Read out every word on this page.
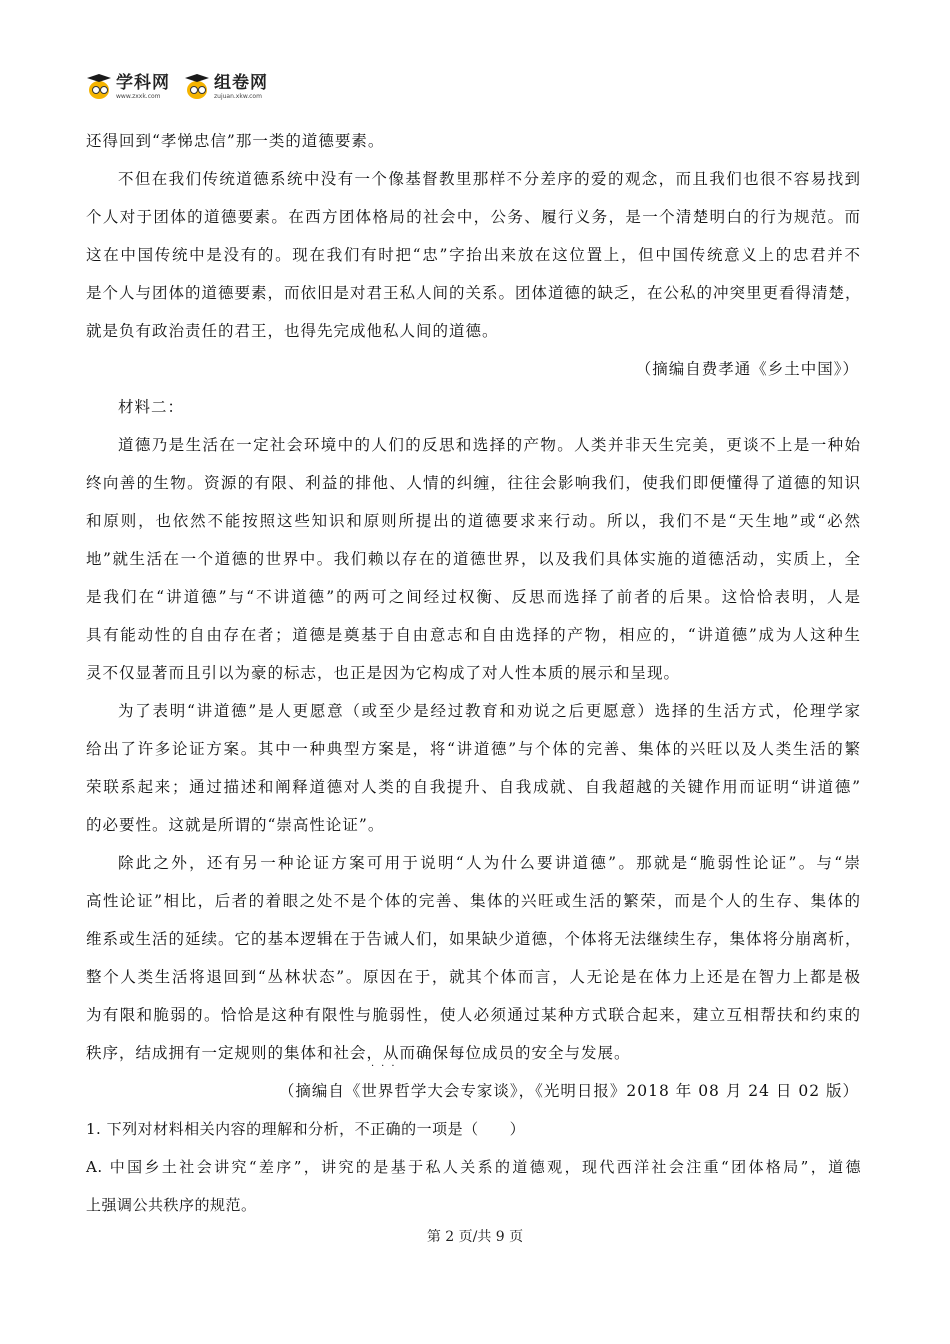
学科网
www.zxxk.com
组卷网
zujuan.xkw.com
还得回到“孝悌忠信”那一类的道德要素。
不但在我们传统道德系统中没有一个像基督教里那样不分差序的爱的观念，而且我们也很不容易找到
个人对于团体的道德要素。在西方团体格局的社会中，公务、履行义务，是一个清楚明白的行为规范。而
这在中国传统中是没有的。现在我们有时把“忠”字抬出来放在这位置上，但中国传统意义上的忠君并不
是个人与团体的道德要素，而依旧是对君王私人间的关系。团体道德的缺乏，在公私的冲突里更看得清楚，
就是负有政治责任的君王，也得先完成他私人间的道德。
（摘编自费孝通《乡土中国》）
材料二：
道德乃是生活在一定社会环境中的人们的反思和选择的产物。人类并非天生完美，更谈不上是一种始
终向善的生物。资源的有限、利益的排他、人情的纠缠，往往会影响我们，使我们即便懂得了道德的知识
和原则，也依然不能按照这些知识和原则所提出的道德要求来行动。所以，我们不是“天生地”或“必然
地”就生活在一个道德的世界中。我们赖以存在的道德世界，以及我们具体实施的道德活动，实质上，全
是我们在“讲道德”与“不讲道德”的两可之间经过权衡、反思而选择了前者的后果。这恰恰表明，人是
具有能动性的自由存在者；道德是奠基于自由意志和自由选择的产物，相应的，“讲道德”成为人这种生
灵不仅显著而且引以为豪的标志，也正是因为它构成了对人性本质的展示和呈现。
为了表明“讲道德”是人更愿意（或至少是经过教育和劝说之后更愿意）选择的生活方式，伦理学家
给出了许多论证方案。其中一种典型方案是，将“讲道德”与个体的完善、集体的兴旺以及人类生活的繁
荣联系起来；通过描述和阐释道德对人类的自我提升、自我成就、自我超越的关键作用而证明“讲道德”
的必要性。这就是所谓的“崇高性论证”。
除此之外，还有另一种论证方案可用于说明“人为什么要讲道德”。那就是“脆弱性论证”。与“崇
高性论证”相比，后者的着眼之处不是个体的完善、集体的兴旺或生活的繁荣，而是个人的生存、集体的
维系或生活的延续。它的基本逻辑在于告诫人们，如果缺少道德，个体将无法继续生存，集体将分崩离析，
整个人类生活将退回到“丛林状态”。原因在于，就其个体而言，人无论是在体力上还是在智力上都是极
为有限和脆弱的。恰恰是这种有限性与脆弱性，使人必须通过某种方式联合起来，建立互相帮扶和约束的
秩序，结成拥有一定规则的集体和社会，从而确保每位成员的安全与发展。
（摘编自《世界哲学大会专家谈》，《光明日报》2018 年 08 月 24 日 02 版）
1. 下列对材料相关内容的理解和分析，不正确的一项是（　　）
A. 中国乡土社会讲究“差序”，讲究的是基于私人关系的道德观，现代西洋社会注重“团体格局”，道德
上强调公共秩序的规范。
···
第 2 页/共 9 页
